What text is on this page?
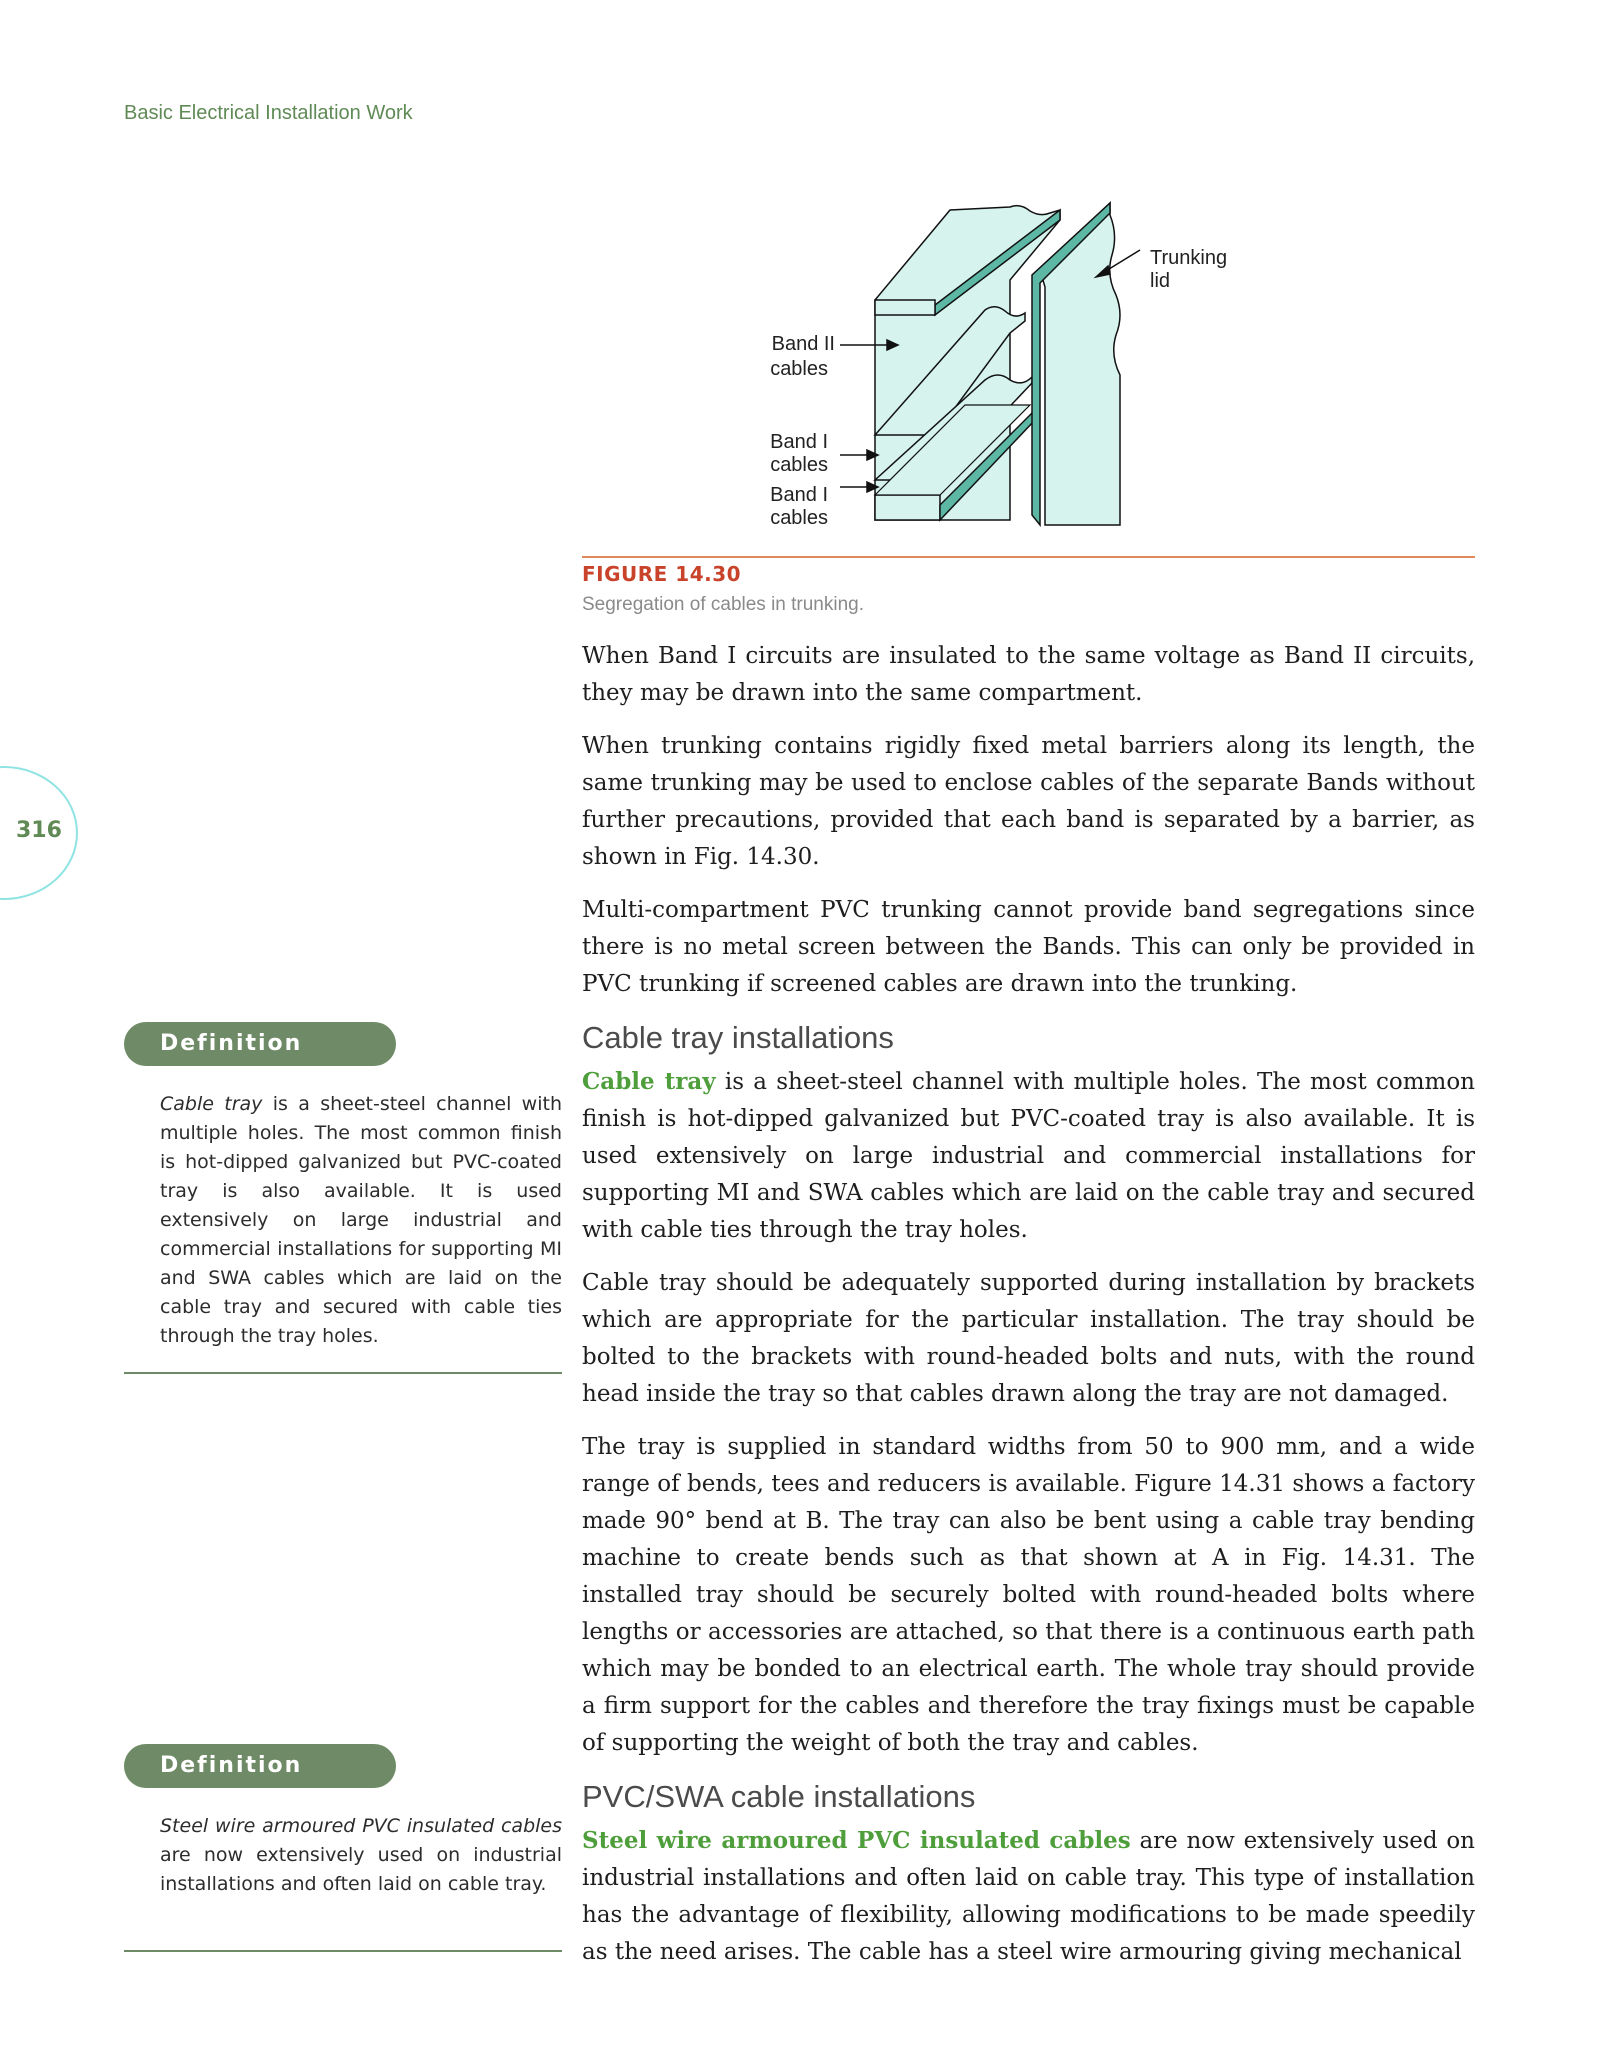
Basic Electrical Installation Work
316
Trunking
lid
Band II
cables
Band I
cables
Band I
cables
FIGURE 14.30
Segregation of cables in trunking.

When Band I circuits are insulated to the same voltage as Band II circuits, they may be drawn into the same compartment.

When trunking contains rigidly fixed metal barriers along its length, the same trunking may be used to enclose cables of the separate Bands without further precautions, provided that each band is separated by a barrier, as shown in Fig. 14.30.

Multi-compartment PVC trunking cannot provide band segregations since there is no metal screen between the Bands. This can only be provided in PVC trunking if screened cables are drawn into the trunking.

Cable tray installations

Cable tray is a sheet-steel channel with multiple holes. The most common finish is hot-dipped galvanized but PVC-coated tray is also available. It is used extensively on large industrial and commercial installations for supporting MI and SWA cables which are laid on the cable tray and secured with cable ties through the tray holes.

Cable tray should be adequately supported during installation by brackets which are appropriate for the particular installation. The tray should be bolted to the brackets with round-headed bolts and nuts, with the round head inside the tray so that cables drawn along the tray are not damaged.

The tray is supplied in standard widths from 50 to 900 mm, and a wide range of bends, tees and reducers is available. Figure 14.31 shows a factory made 90° bend at B. The tray can also be bent using a cable tray bending machine to create bends such as that shown at A in Fig. 14.31. The installed tray should be securely bolted with round-headed bolts where lengths or accessories are attached, so that there is a continuous earth path which may be bonded to an electrical earth. The whole tray should provide a firm support for the cables and therefore the tray fixings must be capable of supporting the weight of both the tray and cables.

PVC/SWA cable installations

Steel wire armoured PVC insulated cables are now extensively used on industrial installations and often laid on cable tray. This type of installation has the advantage of flexibility, allowing modifications to be made speedily as the need arises. The cable has a steel wire armouring giving mechanical

Definition

Cable tray is a sheet-steel channel with multiple holes. The most common finish is hot-dipped galvanized but PVC-coated tray is also available. It is used extensively on large industrial and commercial installations for supporting MI and SWA cables which are laid on the cable tray and secured with cable ties through the tray holes.

Definition

Steel wire armoured PVC insulated cables are now extensively used on industrial installations and often laid on cable tray.
